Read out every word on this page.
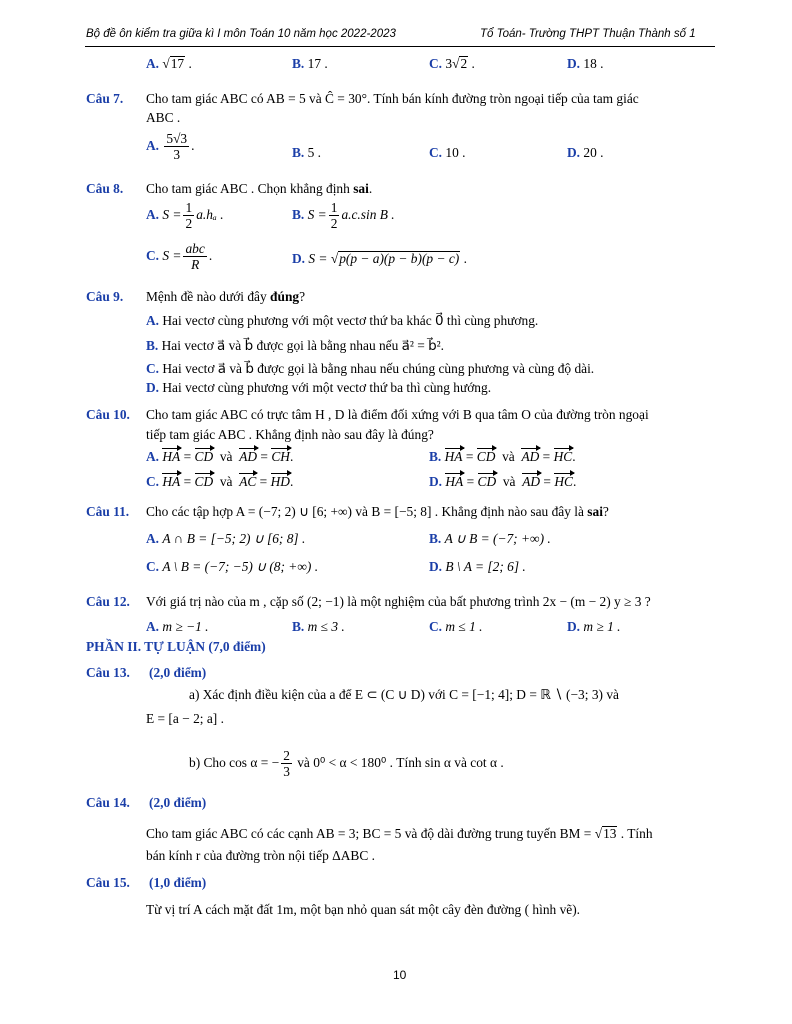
Bộ đề ôn kiểm tra giữa kì I môn Toán 10 năm học 2022-2023	Tổ Toán- Trường THPT Thuận Thành số 1
A. √17 .	B. 17 .	C. 3√2 .	D. 18 .
Câu 7. Cho tam giác ABC có AB = 5 và Ĉ = 30°. Tính bán kính đường tròn ngoại tiếp của tam giác
ABC .
A. $\frac{5√3}{3}$ .	B. 5 .	C. 10 .	D. 20 .
Câu 8. Cho tam giác ABC . Chọn khẳng định sai.
A. $S = \frac{1}{2} a.h_a$ .	B. $S = \frac{1}{2} a.c.\sin$ B .
C. $S = \frac{\text{abc}}{R}$ .	D. S = √p(p − a)(p − b)(p − c) .
Câu 9. Mệnh đề nào dưới đây đúng?
A. Hai vectơ cùng phương với một vectơ thứ ba khác 0⃗ thì cùng phương.
B. Hai vectơ a⃗ và b⃗ được gọi là bằng nhau nếu a⃗² = b⃗².
C. Hai vectơ a⃗ và b⃗ được gọi là bằng nhau nếu chúng cùng phương và cùng độ dài.
D. Hai vectơ cùng phương với một vectơ thứ ba thì cùng hướng.
Câu 10. Cho tam giác ABC có trực tâm H , D là điểm đối xứng với B qua tâm O của đường tròn ngoại
tiếp tam giác ABC . Khẳng định nào sau đây là đúng?
A. HA = CD và AD = CH.	B. HA = CD và AD = HC.
C. HA = CD và AC = HD.	D. HA = CD và AD = HC.
Câu 11. Cho các tập hợp A = (−7; 2) ∪ [6; +∞) và B = [−5; 8] . Khẳng định nào sau đây là sai?
A. A ∩ B = [−5; 2) ∪ [6; 8] .	B. A ∪ B = (−7; +∞) .
C. A \ B = (−7; −5) ∪ (8; +∞) .	D. B \ A = [2; 6] .
Câu 12. Với giá trị nào của m , cặp số (2; −1) là một nghiệm của bất phương trình 2x − (m − 2) y ≥ 3 ?
A. m ≥ −1 .	B. m ≤ 3 .	C. m ≤ 1 .	D. m ≥ 1 .
PHẦN II. TỰ LUẬN (7,0 điểm)
Câu 13. (2,0 điểm)
a) Xác định điều kiện của a để E ⊂ (C ∪ D) với C = [−1; 4]; D = ℝ ∖ (−3; 3) và
E = [a − 2; a] .
b) Cho cos α = − $\frac{2}{3}$ và 0⁰ < α < 180⁰ . Tính sin α và cot α .
Câu 14. (2,0 điểm)
Cho tam giác ABC có các cạnh AB = 3; BC = 5 và độ dài đường trung tuyến BM = √13 . Tính
bán kính r của đường tròn nội tiếp ΔABC .
Câu 15. (1,0 điểm)
Từ vị trí A cách mặt đất 1m, một bạn nhỏ quan sát một cây đèn đường ( hình vẽ).
10
